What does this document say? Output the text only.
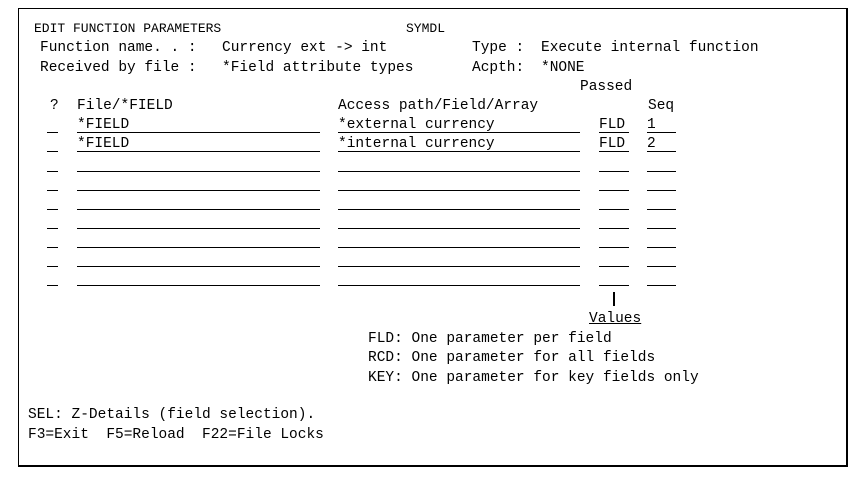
EDIT FUNCTION PARAMETERS	SYMDL
Function name. . : Currency ext -> int	Type : Execute internal function
Received by file : *Field attribute types	Acpth: *NONE
Passed
? File/*FIELD	Access path/Field/Array	Seq
*FIELD	*external currency	FLD 1
*FIELD	*internal currency	FLD 2
Values
FLD: One parameter per field
RCD: One parameter for all fields
KEY: One parameter for key fields only
SEL: Z-Details (field selection).
F3=Exit  F5=Reload  F22=File Locks
